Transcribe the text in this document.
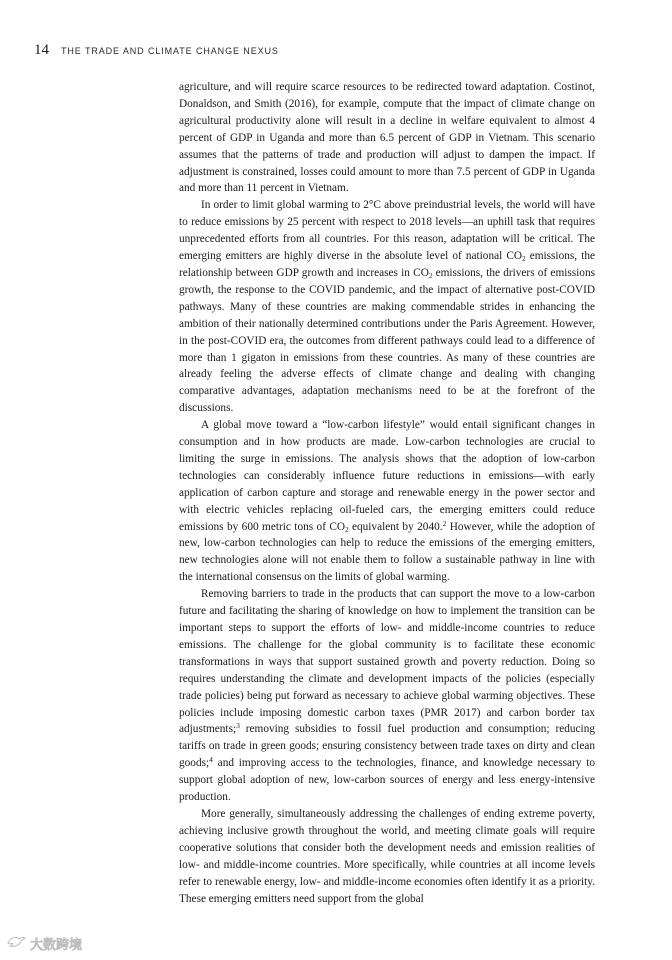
14 THE TRADE AND CLIMATE CHANGE NEXUS

agriculture, and will require scarce resources to be redirected toward adaptation. Costinot, Donaldson, and Smith (2016), for example, compute that the impact of climate change on agricultural productivity alone will result in a decline in welfare equivalent to almost 4 percent of GDP in Uganda and more than 6.5 percent of GDP in Vietnam. This scenario assumes that the patterns of trade and production will adjust to dampen the impact. If adjustment is constrained, losses could amount to more than 7.5 percent of GDP in Uganda and more than 11 percent in Vietnam.

In order to limit global warming to 2°C above preindustrial levels, the world will have to reduce emissions by 25 percent with respect to 2018 levels—an uphill task that requires unprecedented efforts from all countries. For this reason, adaptation will be critical. The emerging emitters are highly diverse in the absolute level of national $CO_2$ emissions, the relationship between GDP growth and increases in $CO_2$ emissions, the drivers of emissions growth, the response to the COVID pandemic, and the impact of alternative post-COVID pathways. Many of these countries are making commendable strides in enhancing the ambition of their nationally determined contributions under the Paris Agreement. However, in the post-COVID era, the outcomes from different pathways could lead to a difference of more than 1 gigaton in emissions from these countries. As many of these countries are already feeling the adverse effects of climate change and dealing with changing comparative advantages, adaptation mechanisms need to be at the forefront of the discussions.

A global move toward a “low-carbon lifestyle” would entail significant changes in consumption and in how products are made. Low-carbon technologies are crucial to limiting the surge in emissions. The analysis shows that the adoption of low-carbon technologies can considerably influence future reductions in emissions—with early application of carbon capture and storage and renewable energy in the power sector and with electric vehicles replacing oil-fueled cars, the emerging emitters could reduce emissions by 600 metric tons of $CO_2$ equivalent by 2040.$^2$ However, while the adoption of new, low-carbon technologies can help to reduce the emissions of the emerging emitters, new technologies alone will not enable them to follow a sustainable pathway in line with the international consensus on the limits of global warming.

Removing barriers to trade in the products that can support the move to a low-carbon future and facilitating the sharing of knowledge on how to implement the transition can be important steps to support the efforts of low- and middle-income countries to reduce emissions. The challenge for the global community is to facilitate these economic transformations in ways that support sustained growth and poverty reduction. Doing so requires understanding the climate and development impacts of the policies (especially trade policies) being put forward as necessary to achieve global warming objectives. These policies include imposing domestic carbon taxes (PMR 2017) and carbon border tax adjustments;$^3$ removing subsidies to fossil fuel production and consumption; reducing tariffs on trade in green goods; ensuring consistency between trade taxes on dirty and clean goods;$^4$ and improving access to the technologies, finance, and knowledge necessary to support global adoption of new, low-carbon sources of energy and less energy-intensive production.

More generally, simultaneously addressing the challenges of ending extreme poverty, achieving inclusive growth throughout the world, and meeting climate goals will require cooperative solutions that consider both the development needs and emission realities of low- and middle-income countries. More specifically, while countries at all income levels refer to renewable energy, low- and middle-income economies often identify it as a priority. These emerging emitters need support from the global

大数跨境
